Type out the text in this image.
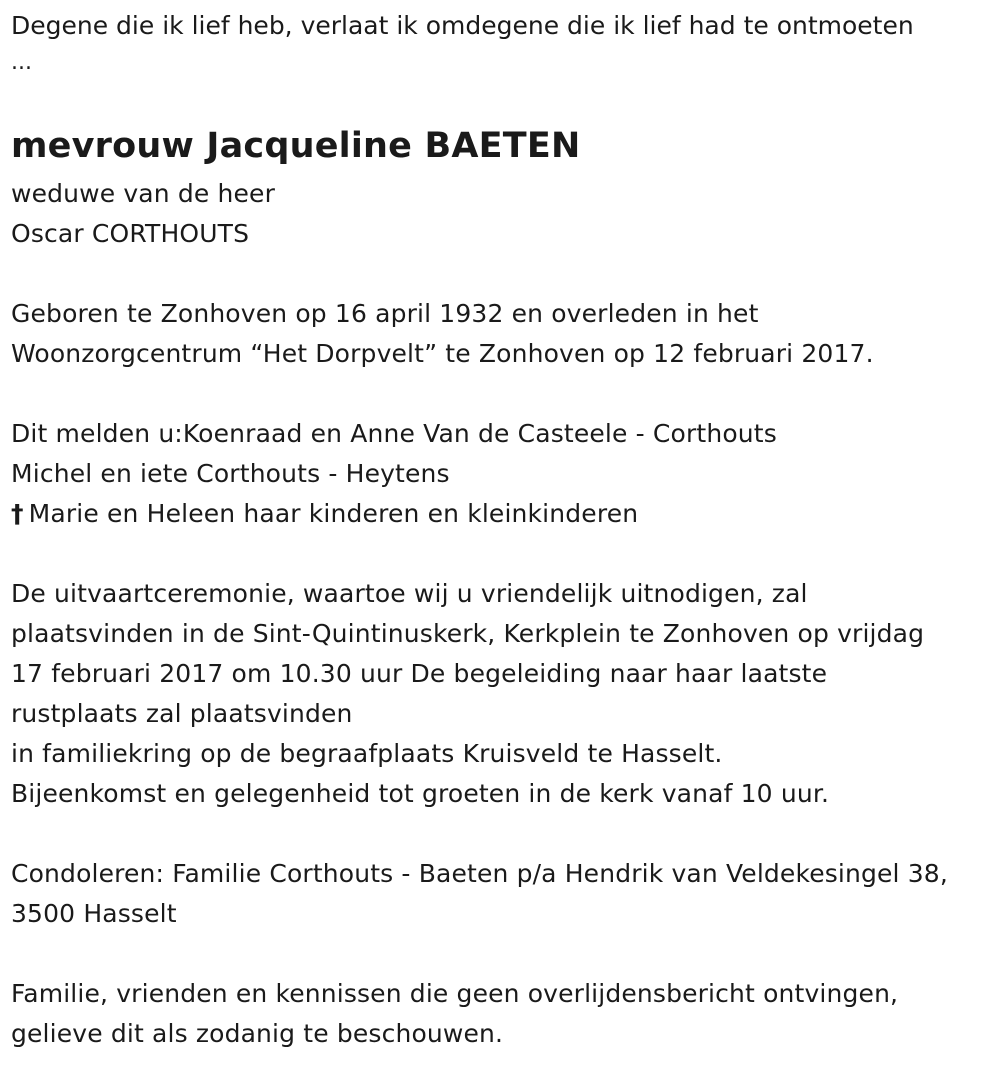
Degene die ik lief heb, verlaat ik omdegene die ik lief had te ontmoeten
...
mevrouw Jacqueline BAETEN
weduwe van de heer
Oscar CORTHOUTS
Geboren te Zonhoven op 16 april 1932 en overleden in het
Woonzorgcentrum “Het Dorpvelt” te Zonhoven op 12 februari 2017.
Dit melden u:Koenraad en Anne Van de Casteele - Corthouts
Michel en iete Corthouts - Heytens
† Marie en Heleen haar kinderen en kleinkinderen
De uitvaartceremonie, waartoe wij u vriendelijk uitnodigen, zal
plaatsvinden in de Sint-Quintinuskerk, Kerkplein te Zonhoven op vrijdag
17 februari 2017 om 10.30 uur De begeleiding naar haar laatste
rustplaats zal plaatsvinden
in familiekring op de begraafplaats Kruisveld te Hasselt.
Bijeenkomst en gelegenheid tot groeten in de kerk vanaf 10 uur.
Condoleren: Familie Corthouts - Baeten p/a Hendrik van Veldekesingel 38,
3500 Hasselt
Familie, vrienden en kennissen die geen overlijdensbericht ontvingen,
gelieve dit als zodanig te beschouwen.
